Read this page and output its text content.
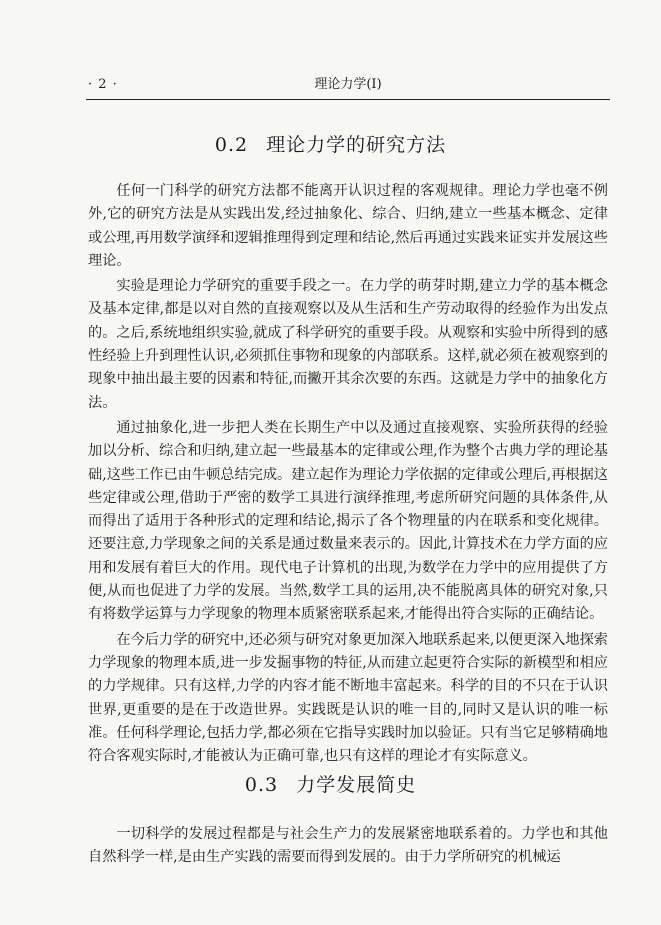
· 2 ·	理论力学(Ⅰ)
0.2 理论力学的研究方法

任何一门科学的研究方法都不能离开认识过程的客观规律。理论力学也毫不例外,它的研究方法是从实践出发,经过抽象化、综合、归纳,建立一些基本概念、定律或公理,再用数学演绎和逻辑推理得到定理和结论,然后再通过实践来证实并发展这些理论。

实验是理论力学研究的重要手段之一。在力学的萌芽时期,建立力学的基本概念及基本定律,都是以对自然的直接观察以及从生活和生产劳动取得的经验作为出发点的。之后,系统地组织实验,就成了科学研究的重要手段。从观察和实验中所得到的感性经验上升到理性认识,必须抓住事物和现象的内部联系。这样,就必须在被观察到的现象中抽出最主要的因素和特征,而撇开其余次要的东西。这就是力学中的抽象化方法。

通过抽象化,进一步把人类在长期生产中以及通过直接观察、实验所获得的经验加以分析、综合和归纳,建立起一些最基本的定律或公理,作为整个古典力学的理论基础,这些工作已由牛顿总结完成。建立起作为理论力学依据的定律或公理后,再根据这些定律或公理,借助于严密的数学工具进行演绎推理,考虑所研究问题的具体条件,从而得出了适用于各种形式的定理和结论,揭示了各个物理量的内在联系和变化规律。还要注意,力学现象之间的关系是通过数量来表示的。因此,计算技术在力学方面的应用和发展有着巨大的作用。现代电子计算机的出现,为数学在力学中的应用提供了方便,从而也促进了力学的发展。当然,数学工具的运用,决不能脱离具体的研究对象,只有将数学运算与力学现象的物理本质紧密联系起来,才能得出符合实际的正确结论。

在今后力学的研究中,还必须与研究对象更加深入地联系起来,以便更深入地探索力学现象的物理本质,进一步发掘事物的特征,从而建立起更符合实际的新模型和相应的力学规律。只有这样,力学的内容才能不断地丰富起来。科学的目的不只在于认识世界,更重要的是在于改造世界。实践既是认识的唯一目的,同时又是认识的唯一标准。任何科学理论,包括力学,都必须在它指导实践时加以验证。只有当它足够精确地符合客观实际时,才能被认为正确可靠,也只有这样的理论才有实际意义。

0.3 力学发展简史

一切科学的发展过程都是与社会生产力的发展紧密地联系着的。力学也和其他自然科学一样,是由生产实践的需要而得到发展的。由于力学所研究的机械运
